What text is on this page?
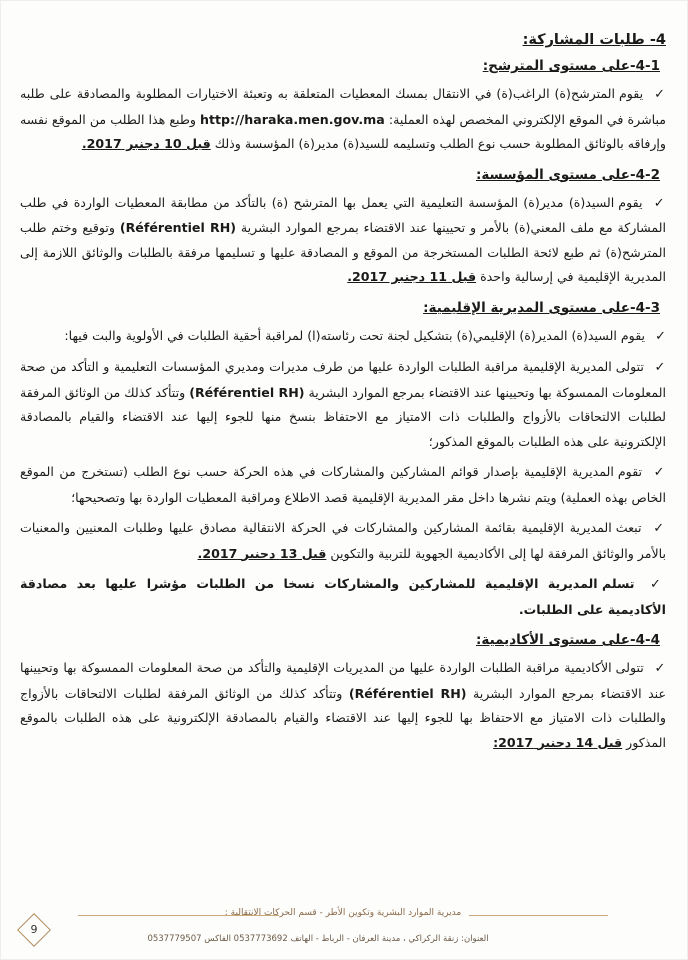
4- طلبات المشاركة:
4-1-على مستوى المترشح:

✓ يقوم المترشح(ة) الراغب(ة) في الانتقال بمسك المعطيات المتعلقة به وتعبئة الاختيارات المطلوبة والمصادقة على طلبه مباشرة في الموقع الإلكتروني المخصص لهذه العملية: http://haraka.men.gov.ma وطبع هذا الطلب من الموقع نفسه وإرفاقه بالوثائق المطلوبة حسب نوع الطلب وتسليمه للسيد(ة) مدير(ة) المؤسسة وذلك قبل 10 دجنبر 2017.

4-2-على مستوى المؤسسة:

✓ يقوم السيد(ة) مدير(ة) المؤسسة التعليمية التي يعمل بها المترشح (ة) بالتأكد من مطابقة المعطيات الواردة في طلب المشاركة مع ملف المعني(ة) بالأمر و تحيينها عند الاقتضاء بمرجع الموارد البشرية (Référentiel RH) وتوقيع وختم طلب المترشح(ة) ثم طبع لائحة الطلبات المستخرجة من الموقع و المصادقة عليها و تسليمها مرفقة بالطلبات والوثائق اللازمة إلى المديرية الإقليمية في إرسالية واحدة قبل 11 دجنبر 2017.

4-3-على مستوى المديرية الإقليمية:

✓ يقوم السيد(ة) المدير(ة) الإقليمي(ة) بتشكيل لجنة تحت رئاسته(ا) لمراقبة أحقية الطلبات في الأولوية والبت فيها:

✓ تتولى المديرية الإقليمية مراقبة الطلبات الواردة عليها من طرف مديرات ومديري المؤسسات التعليمية و التأكد من صحة المعلومات الممسوكة بها وتحيينها عند الاقتضاء بمرجع الموارد البشرية (Référentiel RH) وتتأكد كذلك من الوثائق المرفقة لطلبات الالتحاقات بالأزواج والطلبات ذات الامتياز مع الاحتفاظ بنسخ منها للجوء إليها عند الاقتضاء والقيام بالمصادقة الإلكترونية على هذه الطلبات بالموقع المذكور؛

✓ تقوم المديرية الإقليمية بإصدار قوائم المشاركين والمشاركات في هذه الحركة حسب نوع الطلب (تستخرج من الموقع الخاص بهذه العملية) ويتم نشرها داخل مقر المديرية الإقليمية قصد الاطلاع ومراقبة المعطيات الواردة بها وتصحيحها؛

✓ تبعث المديرية الإقليمية بقائمة المشاركين والمشاركات في الحركة الانتقالية مصادق عليها وطلبات المعنيين والمعنيات بالأمر والوثائق المرفقة لها إلى الأكاديمية الجهوية للتربية والتكوين قبل 13 دجنبر 2017.

✓ تسلم المديرية الإقليمية للمشاركين والمشاركات نسخا من الطلبات مؤشرا عليها بعد مصادقة الأكاديمية على الطلبات.

4-4-على مستوى الأكاديمية:

✓ تتولى الأكاديمية مراقبة الطلبات الواردة عليها من المديريات الإقليمية والتأكد من صحة المعلومات الممسوكة بها وتحيينها عند الاقتضاء بمرجع الموارد البشرية (Référentiel RH) وتتأكد كذلك من الوثائق المرفقة لطلبات الالتحاقات بالأزواج والطلبات ذات الامتياز مع الاحتفاظ بها للجوء إليها عند الاقتضاء والقيام بالمصادقة الإلكترونية على هذه الطلبات بالموقع المذكور قبل 14 دجنبر 2017:

مديرية الموارد البشرية وتكوين الأطر - قسم الحركات الانتقالية :
العنوان: زنقة الركراكي ، مدينة العرفان - الرباط - الهاتف 0537773692 الفاكس 0537779507
9
